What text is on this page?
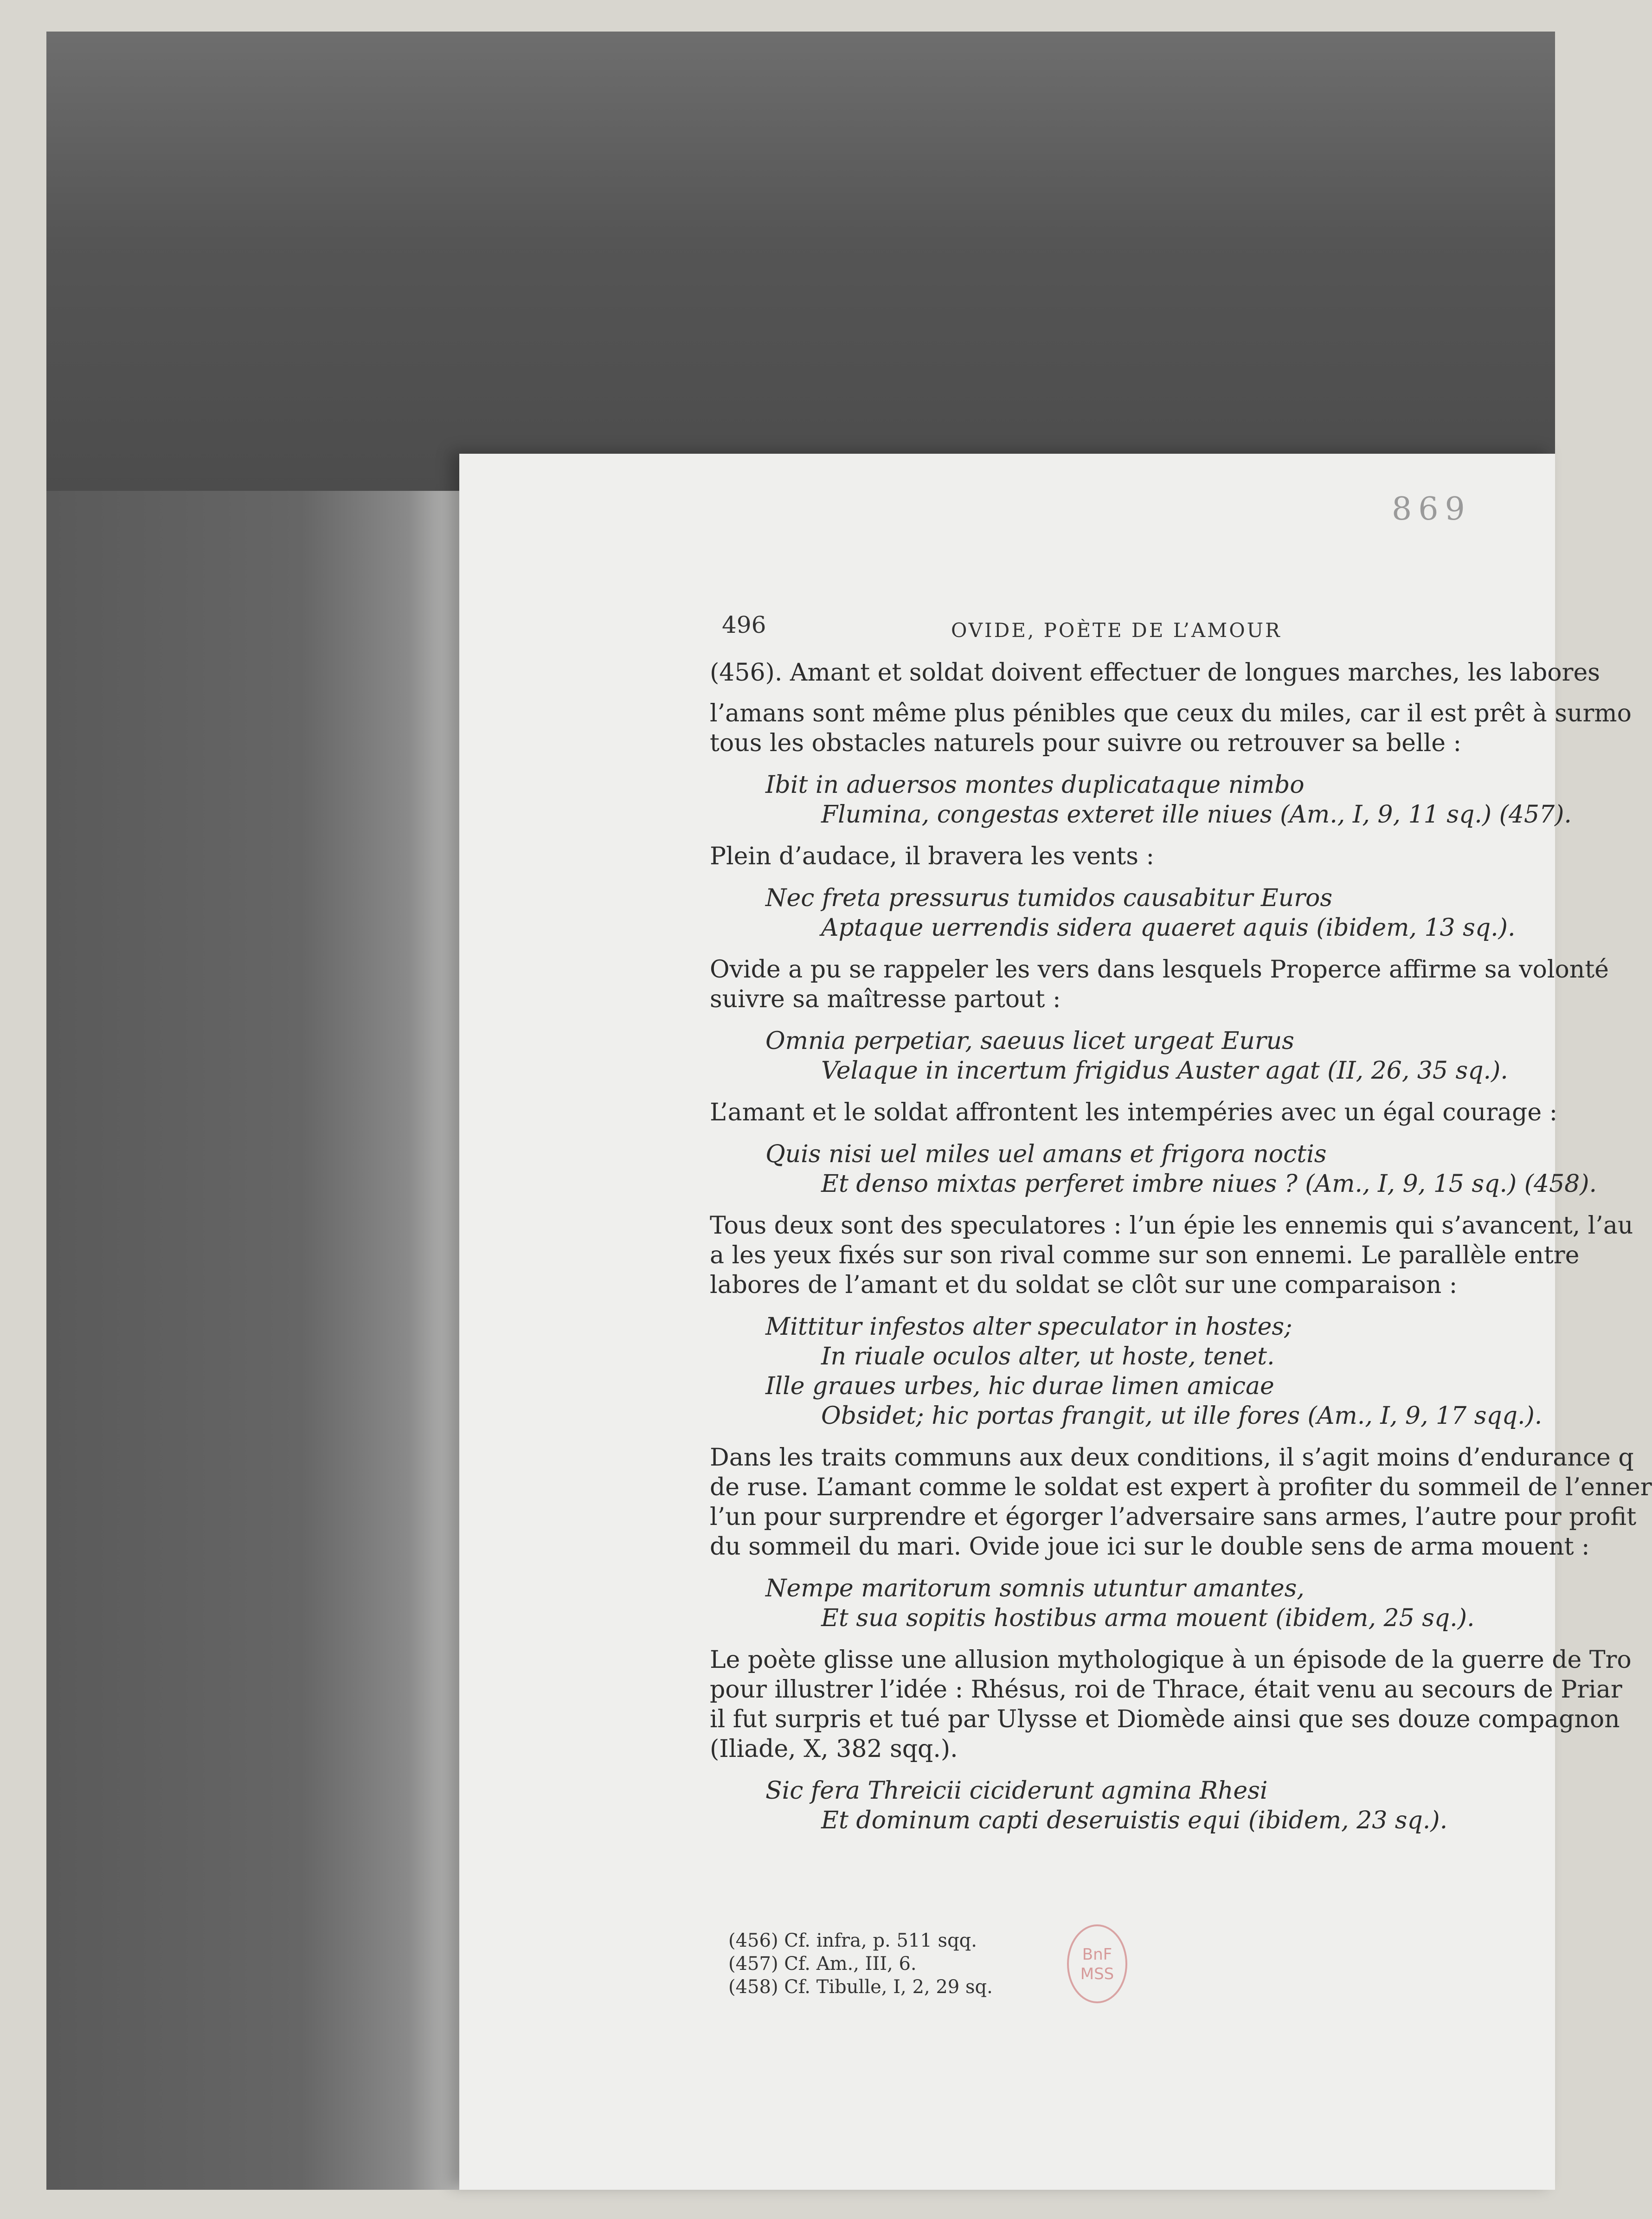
869
496	OVIDE, POÈTE DE L’AMOUR
(456). Amant et soldat doivent effectuer de longues marches, les labores
l’amans sont même plus pénibles que ceux du miles, car il est prêt à surmo
tous les obstacles naturels pour suivre ou retrouver sa belle :
Ibit in aduersos montes duplicataque nimbo
Flumina, congestas exteret ille niues (Am., I, 9, 11 sq.) (457).
Plein d’audace, il bravera les vents :
Nec freta pressurus tumidos causabitur Euros
Aptaque uerrendis sidera quaeret aquis (ibidem, 13 sq.).
Ovide a pu se rappeler les vers dans lesquels Properce affirme sa volonté
suivre sa maîtresse partout :
Omnia perpetiar, saeuus licet urgeat Eurus
Velaque in incertum frigidus Auster agat (II, 26, 35 sq.).
L’amant et le soldat affrontent les intempéries avec un égal courage :
Quis nisi uel miles uel amans et frigora noctis
Et denso mixtas perferet imbre niues ? (Am., I, 9, 15 sq.) (458).
Tous deux sont des speculatores : l’un épie les ennemis qui s’avancent, l’au
a les yeux fixés sur son rival comme sur son ennemi. Le parallèle entre
labores de l’amant et du soldat se clôt sur une comparaison :
Mittitur infestos alter speculator in hostes;
In riuale oculos alter, ut hoste, tenet.
Ille graues urbes, hic durae limen amicae
Obsidet; hic portas frangit, ut ille fores (Am., I, 9, 17 sqq.).
Dans les traits communs aux deux conditions, il s’agit moins d’endurance q
de ruse. L’amant comme le soldat est expert à profiter du sommeil de l’enner
l’un pour surprendre et égorger l’adversaire sans armes, l’autre pour profit
du sommeil du mari. Ovide joue ici sur le double sens de arma mouent :
Nempe maritorum somnis utuntur amantes,
Et sua sopitis hostibus arma mouent (ibidem, 25 sq.).
Le poète glisse une allusion mythologique à un épisode de la guerre de Tro
pour illustrer l’idée : Rhésus, roi de Thrace, était venu au secours de Priar
il fut surpris et tué par Ulysse et Diomède ainsi que ses douze compagnon
(Iliade, X, 382 sqq.).
Sic fera Threicii ciciderunt agmina Rhesi
Et dominum capti deseruistis equi (ibidem, 23 sq.).
(456) Cf. infra, p. 511 sqq.
(457) Cf. Am., III, 6.
(458) Cf. Tibulle, I, 2, 29 sq.
BnF
MSS
